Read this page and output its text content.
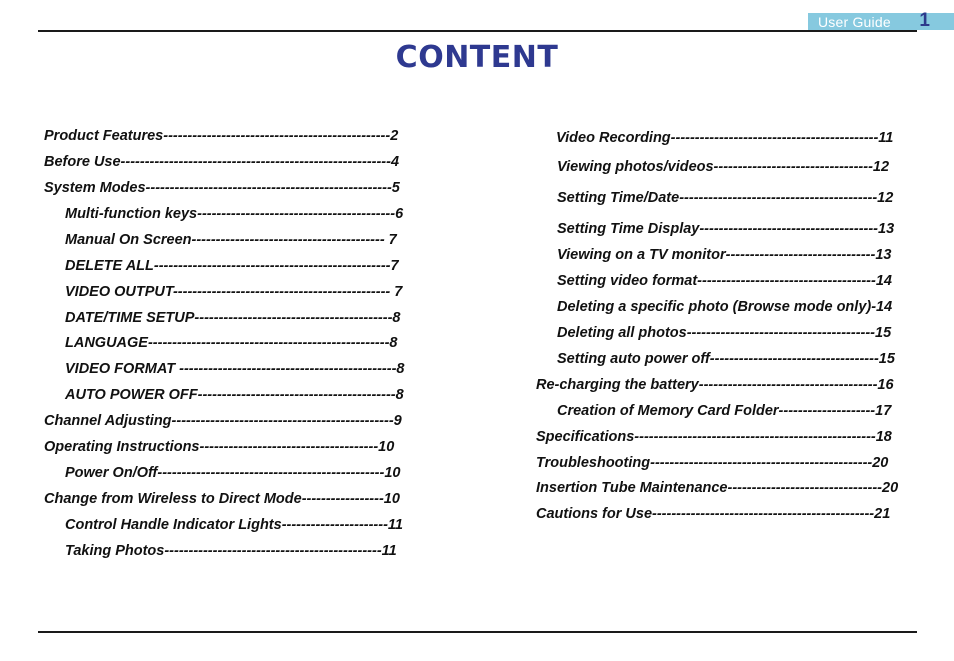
User Guide 1
CONTENT
Product Features-----------------------------------------------2
Before Use--------------------------------------------------------4
System Modes---------------------------------------------------5
Multi-function keys-----------------------------------------6
Manual On Screen---------------------------------------- 7
DELETE ALL-------------------------------------------------7
VIDEO OUTPUT--------------------------------------------- 7
DATE/TIME SETUP-----------------------------------------8
LANGUAGE--------------------------------------------------8
VIDEO FORMAT ---------------------------------------------8
AUTO POWER OFF-----------------------------------------8
Channel Adjusting----------------------------------------------9
Operating Instructions-------------------------------------10
Power On/Off-----------------------------------------------10
Change from Wireless to Direct Mode-----------------10
Control Handle Indicator Lights----------------------11
Taking Photos---------------------------------------------11
Video Recording-------------------------------------------11
Viewing photos/videos---------------------------------12
Setting Time/Date-----------------------------------------12
Setting Time Display-------------------------------------13
Viewing on a TV monitor-------------------------------13
Setting video format-------------------------------------14
Deleting a specific photo (Browse mode only)-14
Deleting all photos---------------------------------------15
Setting auto power off-----------------------------------15
Re-charging the battery-------------------------------------16
Creation of Memory Card Folder--------------------17
Specifications--------------------------------------------------18
Troubleshooting----------------------------------------------20
Insertion Tube Maintenance--------------------------------20
Cautions for Use----------------------------------------------21
